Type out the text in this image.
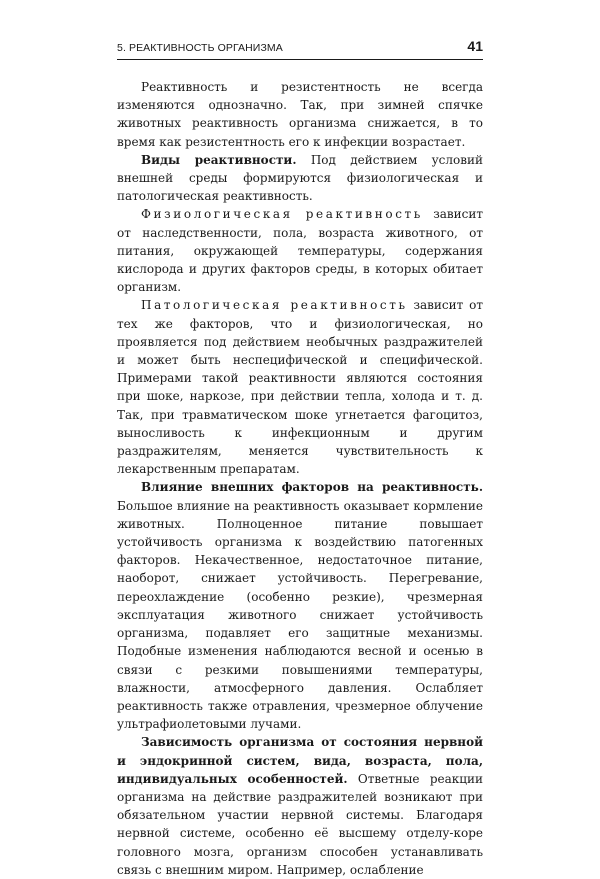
5. РЕАКТИВНОСТЬ ОРГАНИЗМА	41

Реактивность и резистентность не всегда изменяются однозначно. Так, при зимней спячке животных реактивность организма снижается, в то время как резистентность его к инфекции возрастает.

Виды реактивности. Под действием условий внешней среды формируются физиологическая и патологическая реактивность.

Физиологическая реактивность зависит от наследственности, пола, возраста животного, от питания, окружающей температуры, содержания кислорода и других факторов среды, в которых обитает организм.

Патологическая реактивность зависит от тех же факторов, что и физиологическая, но проявляется под действием необычных раздражителей и может быть неспецифической и специфической. Примерами такой реактивности являются состояния при шоке, наркозе, при действии тепла, холода и т. д. Так, при травматическом шоке угнетается фагоцитоз, выносливость к инфекционным и другим раздражителям, меняется чувствительность к лекарственным препаратам.

Влияние внешних факторов на реактивность. Большое влияние на реактивность оказывает кормление животных. Полноценное питание повышает устойчивость организма к воздействию патогенных факторов. Некачественное, недостаточное питание, наоборот, снижает устойчивость. Перегревание, переохлаждение (особенно резкие), чрезмерная эксплуатация животного снижает устойчивость организма, подавляет его защитные механизмы. Подобные изменения наблюдаются весной и осенью в связи с резкими повышениями температуры, влажности, атмосферного давления. Ослабляет реактивность также отравления, чрезмерное облучение ультрафиолетовыми лучами.

Зависимость организма от состояния нервной и эндокринной систем, вида, возраста, пола, индивидуальных особенностей. Ответные реакции организма на действие раздражителей возникают при обязательном участии нервной системы. Благодаря нервной системе, особенно её высшему отделу-коре головного мозга, организм способен устанавливать связь с внешним миром. Например, ослабление
